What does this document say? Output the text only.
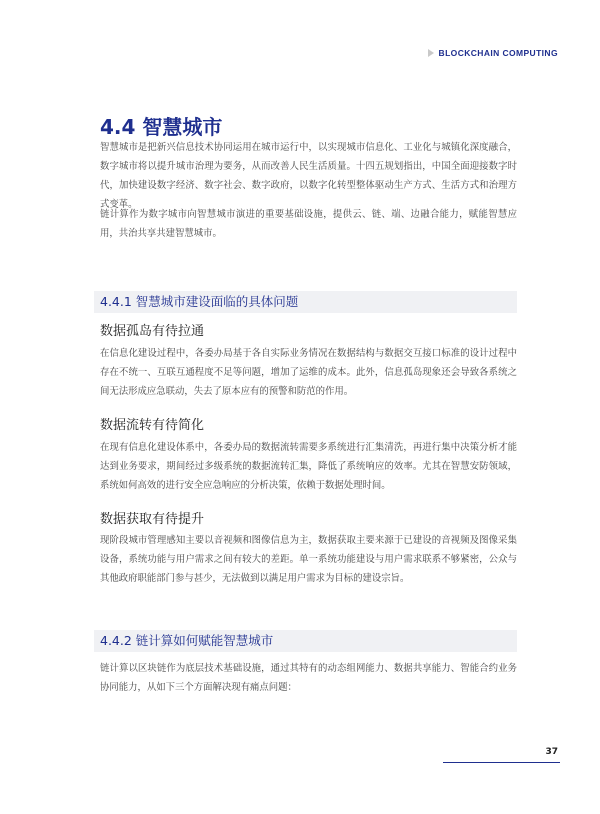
BLOCKCHAIN COMPUTING
4.4 智慧城市

智慧城市是把新兴信息技术协同运用在城市运行中，以实现城市信息化、工业化与城镇化深度融合，数字城市将以提升城市治理为要务，从而改善人民生活质量。十四五规划指出，中国全面迎接数字时代，加快建设数字经济、数字社会、数字政府，以数字化转型整体驱动生产方式、生活方式和治理方式变革。

链计算作为数字城市向智慧城市演进的重要基础设施，提供云、链、端、边融合能力，赋能智慧应用，共治共享共建智慧城市。

4.4.1 智慧城市建设面临的具体问题
数据孤岛有待拉通

在信息化建设过程中，各委办局基于各自实际业务情况在数据结构与数据交互接口标准的设计过程中存在不统一、互联互通程度不足等问题，增加了运维的成本。此外，信息孤岛现象还会导致各系统之间无法形成应急联动，失去了原本应有的预警和防范的作用。

数据流转有待简化

在现有信息化建设体系中，各委办局的数据流转需要多系统进行汇集清洗，再进行集中决策分析才能达到业务要求，期间经过多级系统的数据流转汇集，降低了系统响应的效率。尤其在智慧安防领域，系统如何高效的进行安全应急响应的分析决策，依赖于数据处理时间。

数据获取有待提升

现阶段城市管理感知主要以音视频和图像信息为主，数据获取主要来源于已建设的音视频及图像采集设备，系统功能与用户需求之间有较大的差距。单一系统功能建设与用户需求联系不够紧密，公众与其他政府职能部门参与甚少，无法做到以满足用户需求为目标的建设宗旨。

4.4.2 链计算如何赋能智慧城市

链计算以区块链作为底层技术基础设施，通过其特有的动态组网能力、数据共享能力、智能合约业务协同能力，从如下三个方面解决现有痛点问题：

37
